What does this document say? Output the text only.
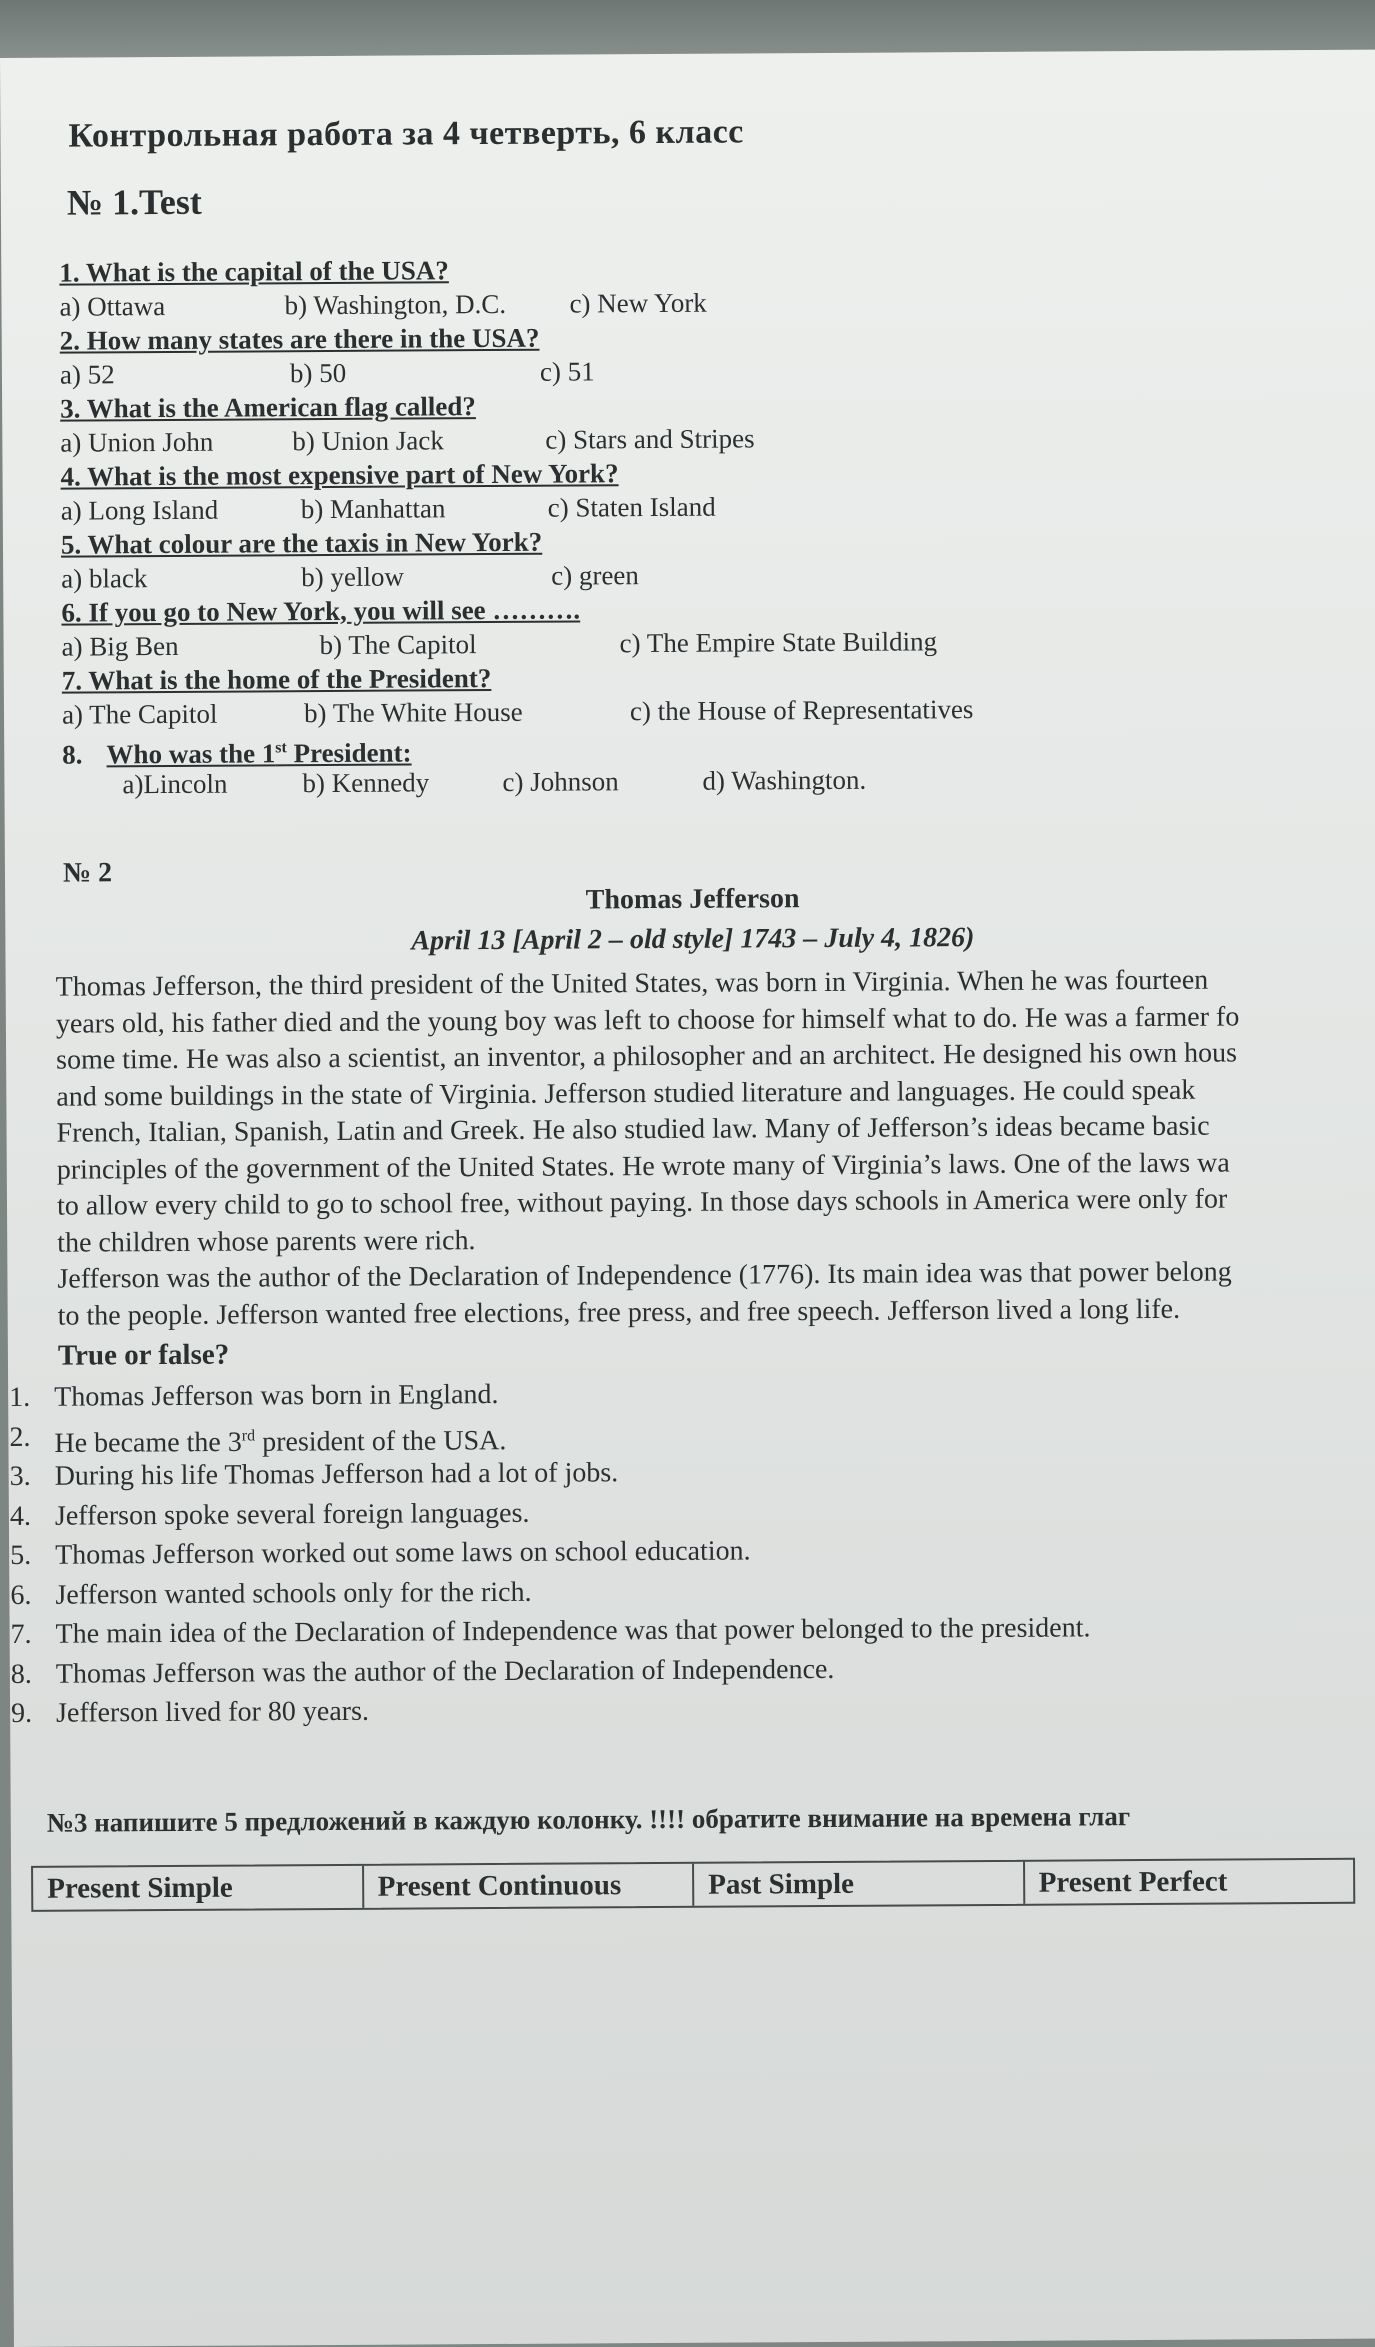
Контрольная работа за 4 четверть, 6 класс
№ 1.Test
1. What is the capital of the USA?
a) Ottawa	b) Washington, D.C. c) New York
2. How many states are there in the USA?
a) 52	b) 50	c) 51
3. What is the American flag called?
a) Union John	b) Union Jack	c) Stars and Stripes
4. What is the most expensive part of New York?
a) Long Island	b) Manhattan	c) Staten Island
5. What colour are the taxis in New York?
a) black	b) yellow	c) green
6. If you go to New York, you will see ……….
a) Big Ben	b) The Capitol	c) The Empire State Building
7. What is the home of the President?
a) The Capitol	b) The White House	c) the House of Representatives
8. Who was the 1st President:
a)Lincoln	b) Kennedy	c) Johnson	d) Washington.
№ 2
Thomas Jefferson
April 13 [April 2 – old style] 1743 – July 4, 1826)
Thomas Jefferson, the third president of the United States, was born in Virginia. When he was fourteen
years old, his father died and the young boy was left to choose for himself what to do. He was a farmer fo
some time. He was also a scientist, an inventor, a philosopher and an architect. He designed his own hous
and some buildings in the state of Virginia. Jefferson studied literature and languages. He could speak
French, Italian, Spanish, Latin and Greek. He also studied law. Many of Jefferson’s ideas became basic
principles of the government of the United States. He wrote many of Virginia’s laws. One of the laws wa
to allow every child to go to school free, without paying. In those days schools in America were only for
the children whose parents were rich.
Jefferson was the author of the Declaration of Independence (1776). Its main idea was that power belong
to the people. Jefferson wanted free elections, free press, and free speech. Jefferson lived a long life.
True or false?
1. Thomas Jefferson was born in England.
2. He became the 3rd president of the USA.
3. During his life Thomas Jefferson had a lot of jobs.
4. Jefferson spoke several foreign languages.
5. Thomas Jefferson worked out some laws on school education.
6. Jefferson wanted schools only for the rich.
7. The main idea of the Declaration of Independence was that power belonged to the president.
8. Thomas Jefferson was the author of the Declaration of Independence.
9. Jefferson lived for 80 years.
№3 напишите 5 предложений в каждую колонку. !!!! обратите внимание на времена глаг
Present Simple	Present Continuous	Past Simple	Present Perfect
